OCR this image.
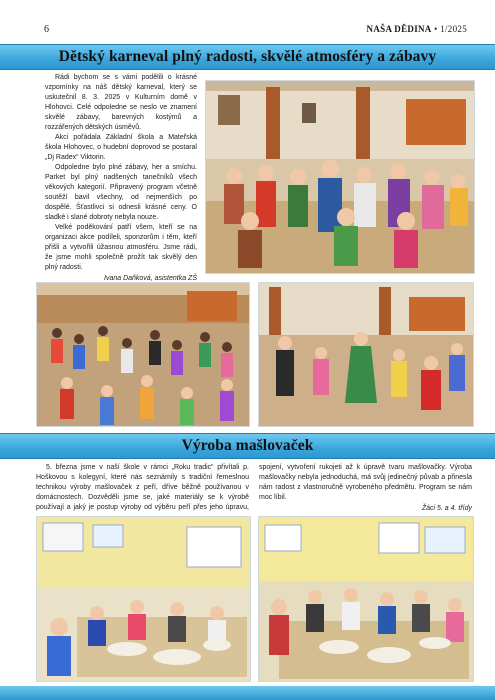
6	NAŠA DĚDINA • 1/2025
Dětský karneval plný radosti, skvělé atmosféry a zábavy

Rádi bychom se s vámi podělili o krásné vzpomínky na náš dětský karneval, který se uskutečnil 8. 3. 2025 v Kulturním domě v Hlohovci. Celé odpoledne se neslo ve znamení skvělé zábavy, barevných kostýmů a rozzářených dětských úsměvů.

Akci pořádala Základní škola a Mateřská škola Hlohovec, o hudební doprovod se postaral „Dj Radex“ Viktorin.

Odpoledne bylo plné zábavy, her a smíchu. Parket byl plný nadšených tanečníků všech věkových kategorií. Připravený program včetně soutěží bavil všechny, od nejmenších po dospělé. Šťastlivci si odnesli krásné ceny. O sladké i slané dobroty nebyla nouze.

Velké poděkování patří všem, kteří se na organizaci akce podíleli, sponzorům i těm, kteří přišli a vytvořili úžasnou atmosféru. Jsme rádi, že jsme mohli společně prožít tak skvělý den plný radosti.

Ivana Daňková, asistentka ZŠ
Výroba mašlovaček

5. března jsme v naší škole v rámci „Roku tradic“ přivítali p. Hoškovou s kolegyní, které nás seznámily s tradiční řemeslnou technikou výroby mašlovaček z peří, dříve běžně používanou v domácnostech. Dozvěděli jsme se, jaké materiály se k výrobě používají a jaký je postup výroby od výběru peří přes jeho úpravu, spojení, vytvoření rukojeti až k úpravě tvaru mašlovačky. Výroba mašlovačky nebyla jednoduchá, má svůj jedinečný půvab a přinesla nám radost z vlastnoručně vyrobeného předmětu. Program se nám moc líbil.

Žáci 5. a 4. třídy
